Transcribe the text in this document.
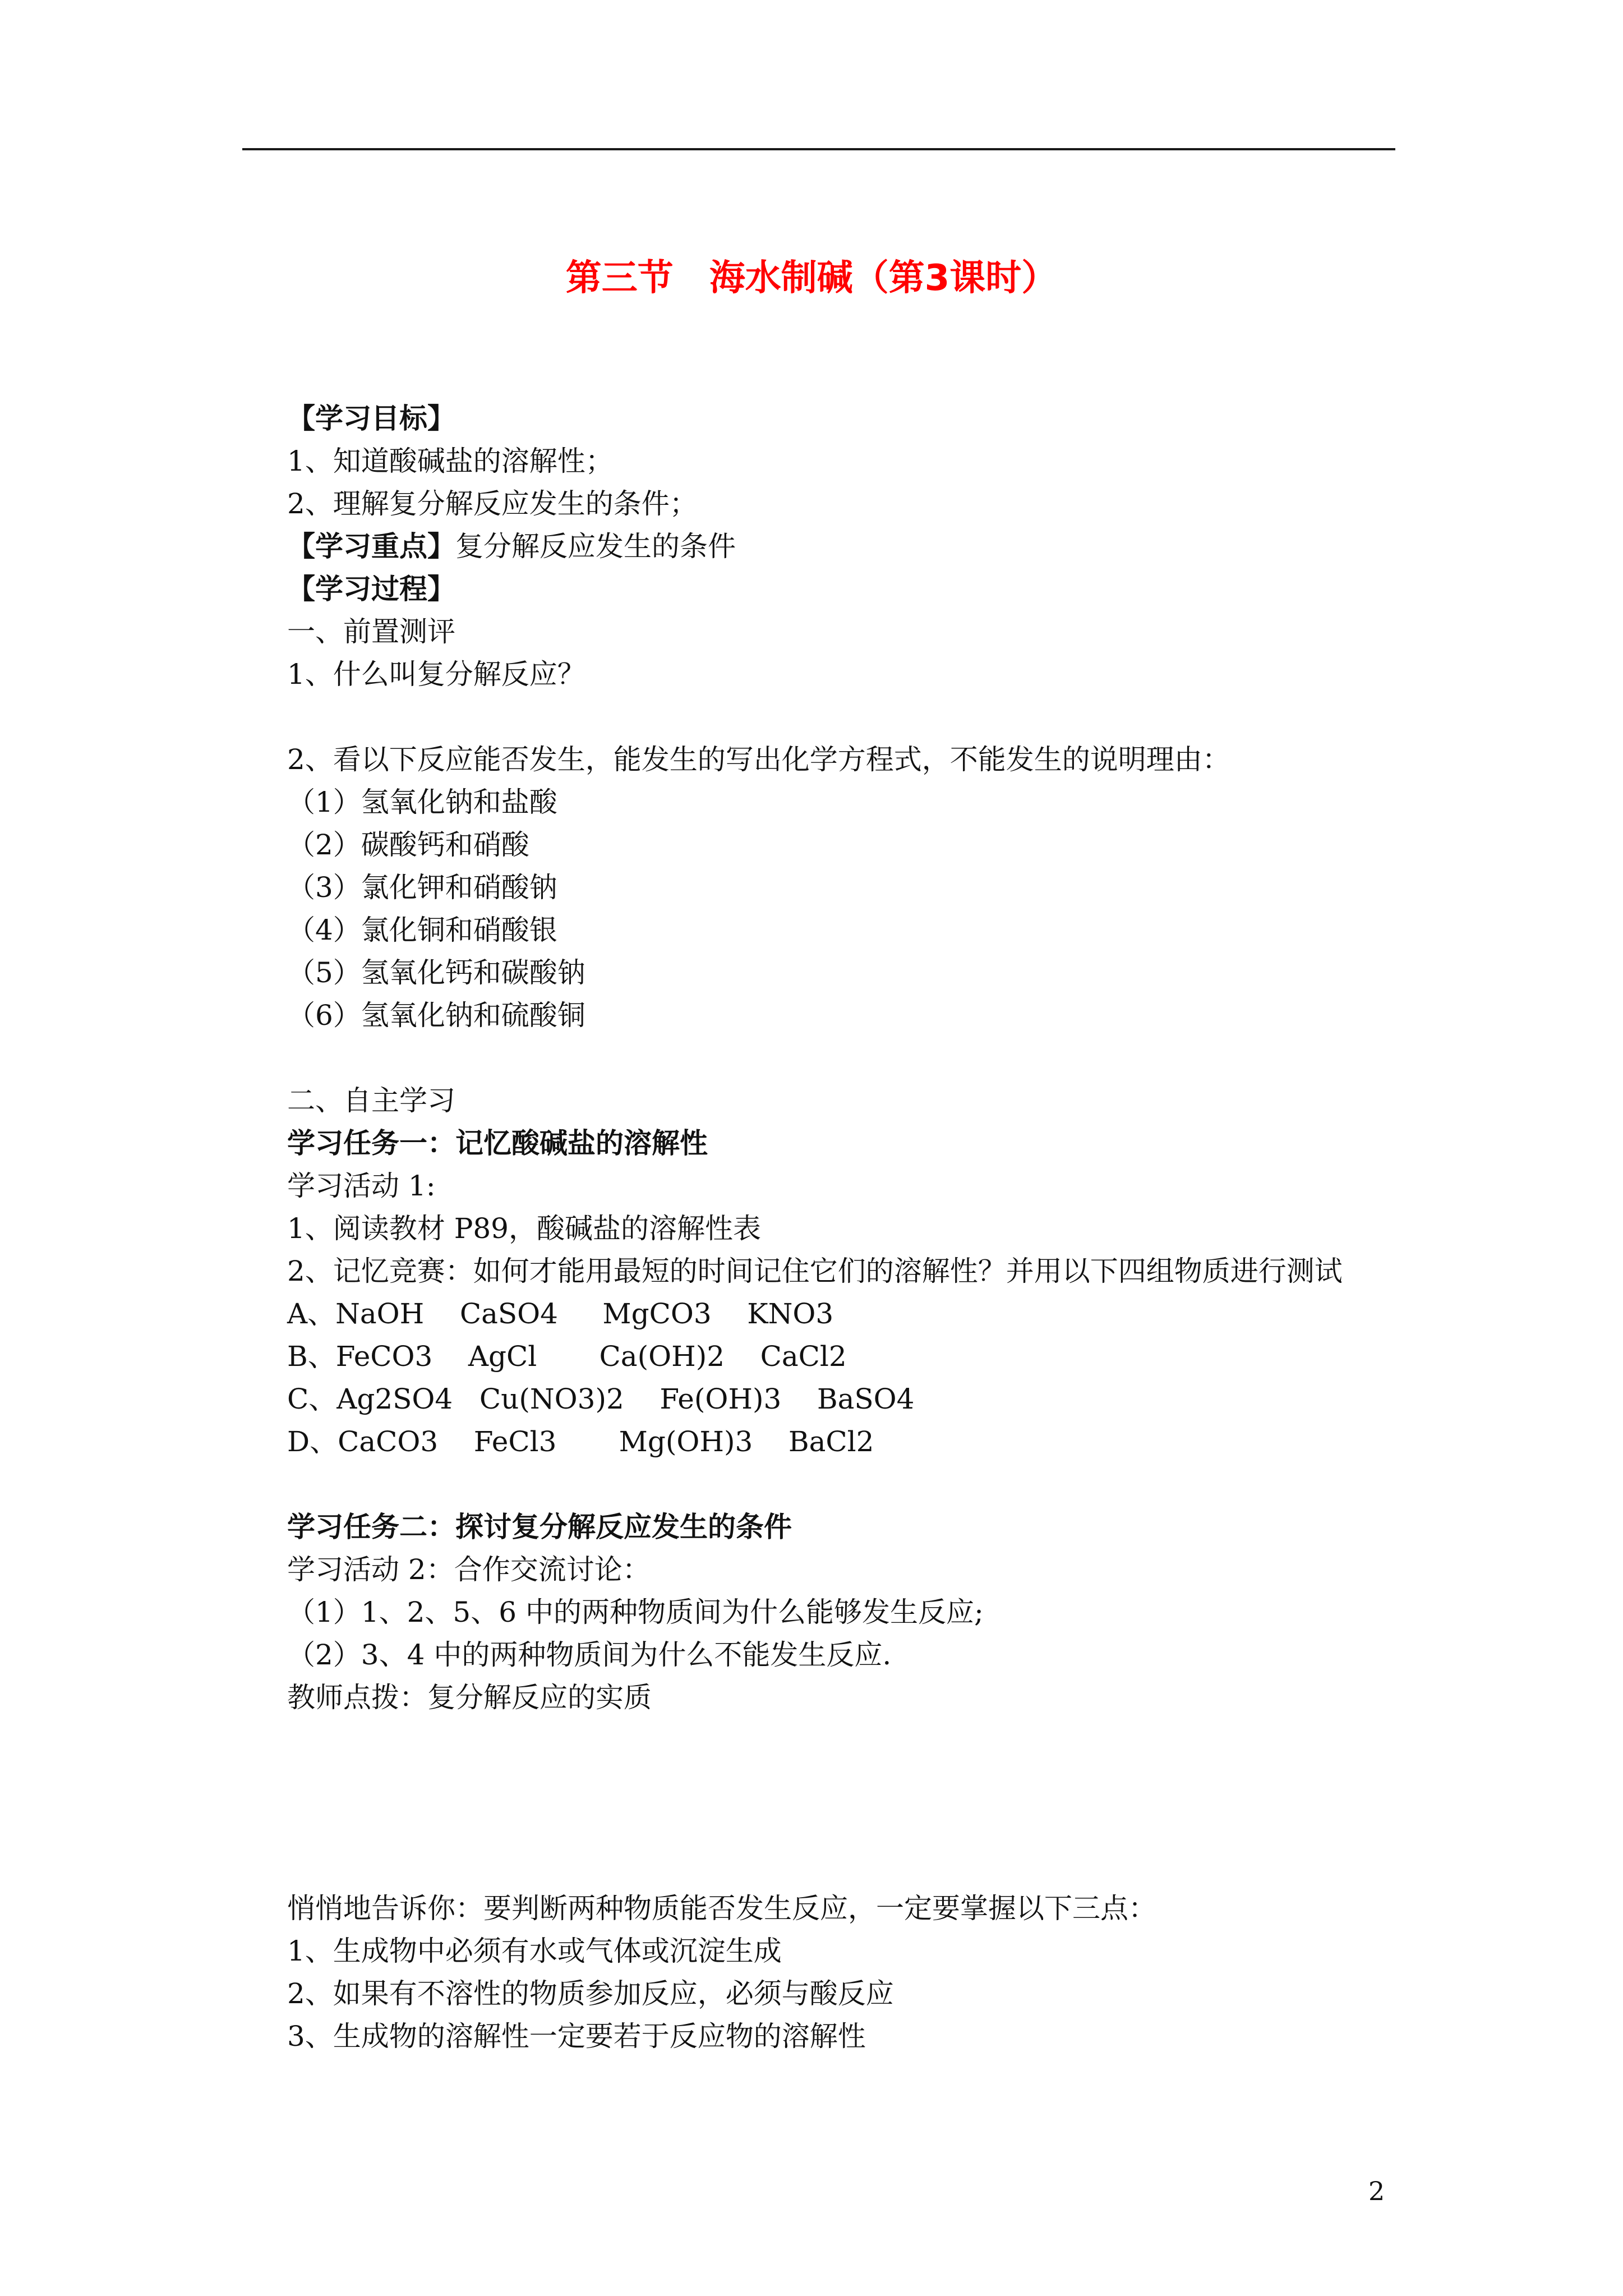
第三节　海水制碱（第3课时）
【学习目标】
1、知道酸碱盐的溶解性；
2、理解复分解反应发生的条件；
【学习重点】复分解反应发生的条件
【学习过程】
一、前置测评
1、什么叫复分解反应？
2、看以下反应能否发生，能发生的写出化学方程式，不能发生的说明理由：
（1）氢氧化钠和盐酸
（2）碳酸钙和硝酸
（3）氯化钾和硝酸钠
（4）氯化铜和硝酸银
（5）氢氧化钙和碳酸钠
（6）氢氧化钠和硫酸铜
二、自主学习
学习任务一：记忆酸碱盐的溶解性
学习活动 1:
1、阅读教材 P89，酸碱盐的溶解性表
2、记忆竞赛：如何才能用最短的时间记住它们的溶解性？并用以下四组物质进行测试
A、NaOH    CaSO4     MgCO3    KNO3
B、FeCO3    AgCl       Ca(OH)2    CaCl2
C、Ag2SO4   Cu(NO3)2    Fe(OH)3    BaSO4
D、CaCO3    FeCl3       Mg(OH)3    BaCl2
学习任务二：探讨复分解反应发生的条件
学习活动 2：合作交流讨论：
（1）1、2、5、6 中的两种物质间为什么能够发生反应;
（2）3、4 中的两种物质间为什么不能发生反应.
教师点拨：复分解反应的实质
悄悄地告诉你：要判断两种物质能否发生反应，一定要掌握以下三点：
1、生成物中必须有水或气体或沉淀生成
2、如果有不溶性的物质参加反应，必须与酸反应
3、生成物的溶解性一定要若于反应物的溶解性
2
